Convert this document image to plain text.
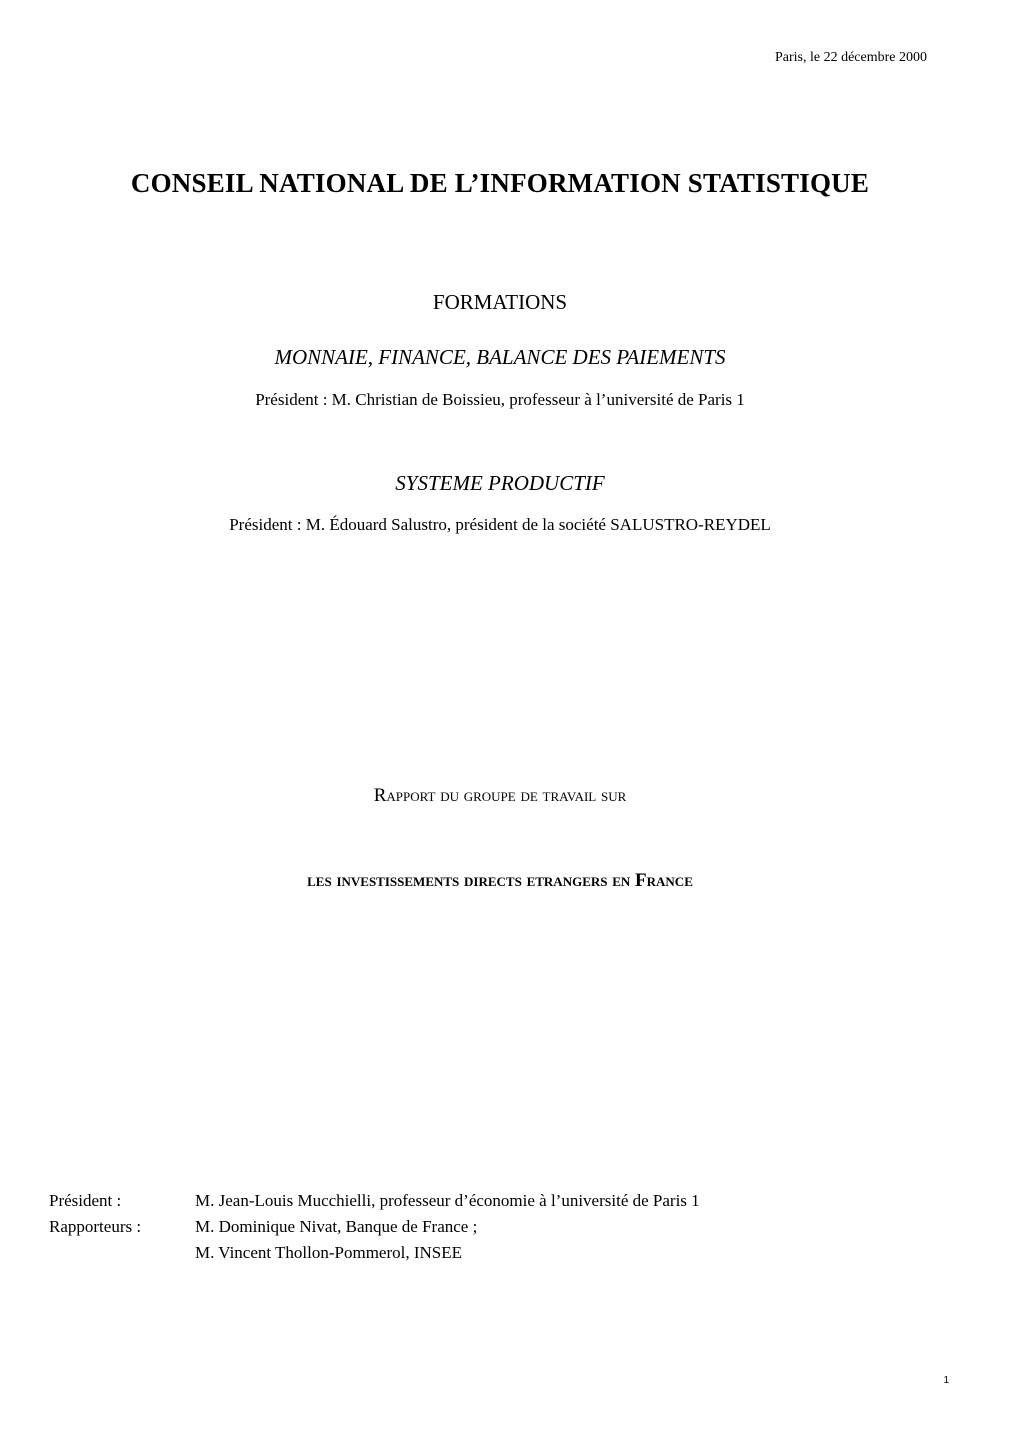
Paris, le 22 décembre 2000
CONSEIL NATIONAL DE L’INFORMATION STATISTIQUE
FORMATIONS
MONNAIE, FINANCE, BALANCE DES PAIEMENTS
Président : M. Christian de Boissieu, professeur à l’université de Paris 1
SYSTEME PRODUCTIF
Président : M. Édouard Salustro, président de la société SALUSTRO-REYDEL
Rapport du groupe de travail sur
les investissements directs etrangers en France
Président :	M. Jean-Louis Mucchielli, professeur d’économie à l’université de Paris 1
Rapporteurs :	M. Dominique Nivat, Banque de France ;
M. Vincent Thollon-Pommerol, INSEE
1
